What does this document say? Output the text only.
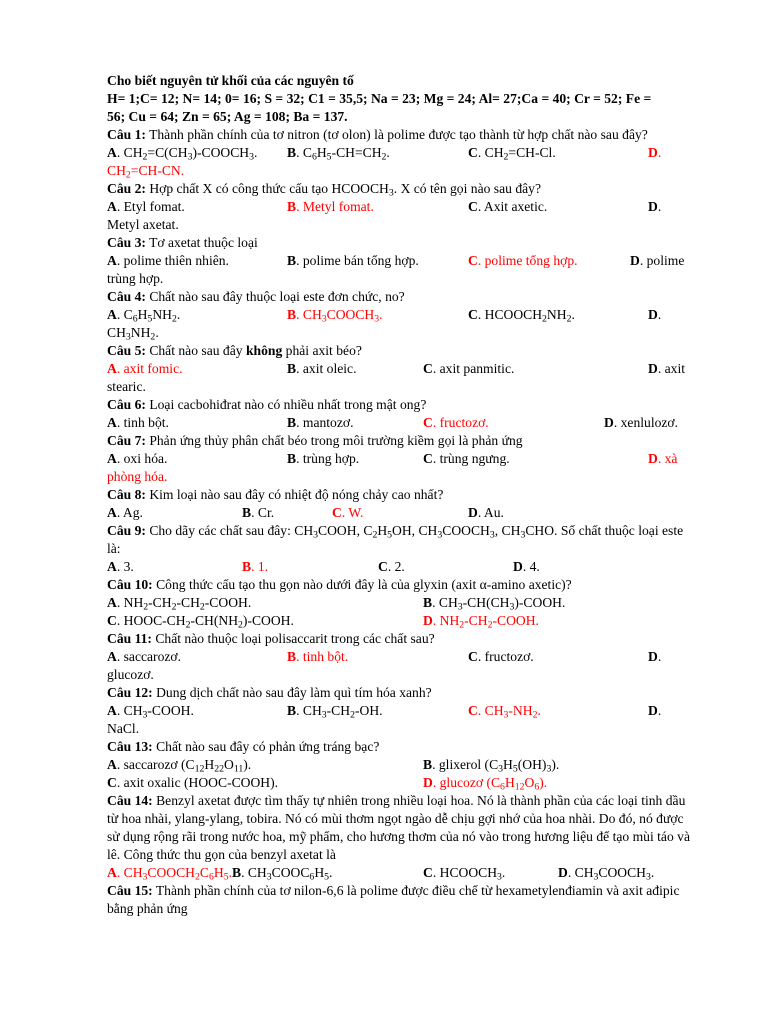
Cho biết nguyên tử khối của các nguyên tố
H= 1;C= 12; N= 14; 0= 16; S = 32; C1 = 35,5; Na = 23; Mg = 24; Al= 27;Ca = 40; Cr = 52; Fe =
56; Cu = 64; Zn = 65; Ag = 108; Ba = 137.
Câu 1: Thành phần chính của tơ nitron (tơ olon) là polime được tạo thành từ hợp chất nào sau đây?
A. $CH_2=C(CH_3)-COOCH_3$. B. $C_6H_5-CH=CH_2$.	C. $CH_2=CH-Cl$.	D.
$CH_2=CH-CN$.
Câu 2: Hợp chất X có công thức cấu tạo $HCOOCH_3$. X có tên gọi nào sau đây?
A. Etyl fomat.	B. Metyl fomat.	C. Axit axetic.	D.
Metyl axetat.
Câu 3: Tơ axetat thuộc loại
A. polime thiên nhiên.	B. polime bán tổng hợp.	C. polime tổng hợp.	D. polime
trùng hợp.
Câu 4: Chất nào sau đây thuộc loại este đơn chức, no?
A. $C_6H_5NH_2$.	B. $CH_3COOCH_3$.	C. $HCOOCH_2NH_2$.	D.
$CH_3NH_2$.
Câu 5: Chất nào sau đây không phải axit béo?
A. axit fomic.	B. axit oleic.	C. axit panmitic.	D. axit
stearic.
Câu 6: Loại cacbohiđrat nào có nhiều nhất trong mật ong?
A. tinh bột.	B. mantozơ.	C. fructozơ.	D. xenlulozơ.
Câu 7: Phản ứng thủy phân chất béo trong môi trường kiềm gọi là phản ứng
A. oxi hóa.	B. trùng hợp.	C. trùng ngưng.	D. xà
phòng hóa.
Câu 8: Kim loại nào sau đây có nhiệt độ nóng chảy cao nhất?
A. Ag.	B. Cr.	C. W.	D. Au.
Câu 9: Cho dãy các chất sau đây: $CH_3COOH$, $C_2H_5OH$, $CH_3COOCH_3$, $CH_3CHO$. Số chất thuộc loại este là:
A. 3.	B. 1.	C. 2.	D. 4.
Câu 10: Công thức cấu tạo thu gọn nào dưới đây là của glyxin (axit α-amino axetic)?
A. $NH_2-CH_2-CH_2$-COOH.	B. $CH_3-CH(CH_3)$-COOH.
C. HOOC-$CH_2-CH(NH_2)$-COOH.	D. $NH_2-CH_2$-COOH.
Câu 11: Chất nào thuộc loại polisaccarit trong các chất sau?
A. saccarozơ.	B. tinh bột.	C. fructozơ.	D.
glucozơ.
Câu 12: Dung dịch chất nào sau đây làm quì tím hóa xanh?
A. $CH_3$-COOH.	B. $CH_3-CH_2-OH$.	C. $CH_3-NH_2$.	D.
NaCl.
Câu 13: Chất nào sau đây có phản ứng tráng bạc?
A. saccarozơ $(C_{12}H_{22}O_{11})$.	B. glixerol $(C_3H_5(OH)_3)$.
C. axit oxalic (HOOC-COOH).	D. glucozơ $(C_6H_{12}O_6)$.
Câu 14: Benzyl axetat được tìm thấy tự nhiên trong nhiều loại hoa. Nó là thành phần của các loại tinh dầu từ hoa nhài, ylang-ylang, tobira. Nó có mùi thơm ngọt ngào dễ chịu gợi nhớ của hoa nhài. Do đó, nó được sử dụng rộng rãi trong nước hoa, mỹ phẩm, cho hương thơm của nó vào trong hương liệu để tạo mùi táo và lê. Công thức thu gọn của benzyl axetat là
A. $CH_3COOCH_2C_6H_5.B$. $CH_3COOC_6H_5$.	C. $HCOOCH_3$.	D. $CH_3COOCH_3$.
Câu 15: Thành phần chính của tơ nilon-6,6 là polime được điều chế từ hexametylenđiamin và axit ađipic bằng phản ứng
